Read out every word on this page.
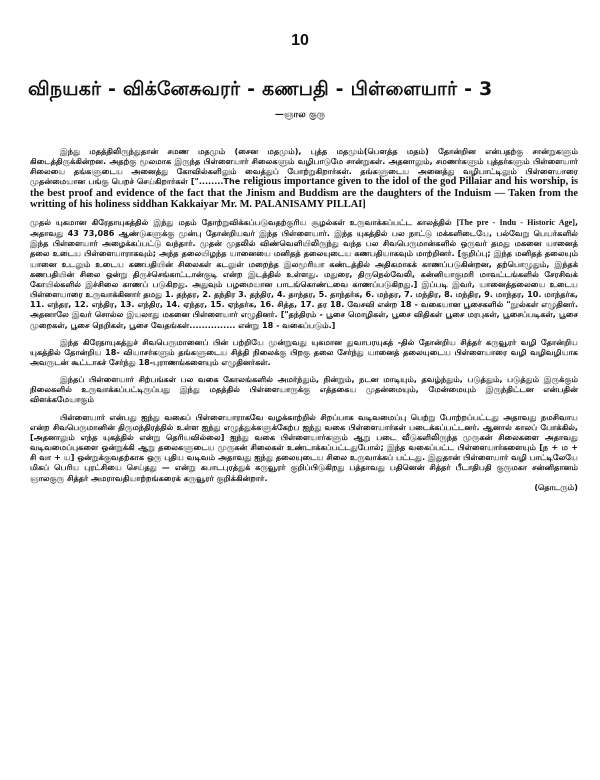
10
விநயகர் - விக்னேசுவரர் - கணபதி - பிள்ளையார் - 3
—ஞால குரு

இந்து மதத்திலிருந்துதான் சமண மதமும் (சைன மதமும்), புத்த மதமும்(பௌத்த மதம்) தோன்றின என்பதற்கு சான்றுகளும் கிடைத்திருக்கின்றன. அதற்கு மூலமாக இருந்த பிள்ளையார் சிலைகளும் வழிபாடுமே சான்றுகள். அதனாலும், சமணர்களும் புத்தர்களும் பிள்ளையார் சிலையை தங்களுடைய அனைத்து கோவில்களிலும் வைத்துப் போற்றுகிறார்கள். தங்களுடைய அனைத்து வழிபாட்டிலும் பிள்ளையாரை முதன்மையான பங்கு பெறச் செய்கிறார்கள் ["........The religious importance given to the idol of the god Pillaiar and his worship, is the best proof and evidence of the fact that the Jinism and Buddism are the daughters of the Induism — Taken from the writting of his holiness siddhan Kakkaiyar Mr. M. PALANISAMY PILLAI]

முதல் யுகமான கிரேதாயுகத்தில் இந்து மதம் தோற்றுவிக்கப்படுவதற்குரிய சூழல்கள் உருவாக்கப்பட்ட காலத்தில் [The pre - Indu - Historic Age], அதாவது 43 73,086 ஆண்டுகளுக்கு முன்பு தோன்றியவர் இந்த பிள்ளையார். இந்த யுகத்தில் பல நாட்டு மக்களிடையே, பல்வேறு பெயர்களில் இந்த பிள்ளையார் அழைக்கப்பட்டு வந்தார். முதன் முதலில் விண்வெளியிலிருந்து வந்த பல சிவபெருமான்களில் ஒருவர் தமது மகனை யானைத் தலை உடைய பிள்ளையாராகவும்; அந்த தலையிழந்த யானையை மனிதத் தலையுடைய கணபதியாகவும் மாற்றினர். [குறிப்பு; இந்த மனிதத் தலையும் யானை உடலும் உடைய கணபதியின் சிலைகள் கடலுள் மறைந்த இலமூரியா கண்டத்தில் அதிகமாகக் காணப்படுகின்றன, தற்பொழுதும், இந்தக் கணபதியின் சிலை ஒன்று திருச்செங்காட்டான்குடி என்ற இடத்தில் உள்ளது. மதுரை, திருநெல்வேலி, கன்னியாகுமரி மாவட்டங்களில் சேரசிவக் கோயில்களில் இச்சிலை காணப் படுகிறது. அதுவும் பழமையான பாடங்கொண்டவை காணப்படுகிறது.] இப்படி இவர், யானைத்தலையை உடைய பிள்ளையாரை உருவாக்கினார் தமது 1. தந்தர, 2. தந்திர 3. தந்திர, 4. தாந்தர, 5. தாந்தர்க, 6. மந்தர, 7. மந்திர, 8. மந்திர, 9. மாந்தர, 10. மாந்தர்க, 11. எந்தர, 12. எந்திர, 13. எந்திர, 14. ஏந்தர, 15. ஏந்தர்க, 16. சித்த, 17. தர 18. வேசவி என்ற 18 - வகையான பூசைகளில் "நூல்கள் எழுதினர். அதனாலே இவர் சொல்ல இயலாது மகனை பிள்ளையார் எழுதினர். ["தந்திரம் - பூசை மொழிகள், பூசை விதிகள் பூசை மரபுகள், பூசைப்படிகள், பூசை முறைகள், பூசை நெறிகள், பூசை வேதங்கள்............... என்று 18 - வகைப்படும்.]

இந்த கிரேதாயுகத்துச் சிவபெருமானைப் பின் பற்றியே முன்றுவது யுகமான துவாபரயுகத் -தில் தோன்றிய சித்தர் கருவூரர் வழி தோன்றிய யுகத்தில் தோன்றிய 18- வியாசர்களும் தங்களுடைய சித்தி நிலைக்கு பிறகு தலை சேர்ந்து யானைத் தலையுடைய பிள்ளையாரை வழி வழிவழியாக அவருடன் கூட்டாகச் சேர்ந்து 18-புராணங்களையும் எழுதினர்கள்.

இந்தப் பிள்ளையார் சிற்பங்கள் பல வகை கோலங்களில் அமர்ந்தும், நின்றும், நடன மாடியும், தவழ்ந்தும், படுத்தும், படுத்தும் இருக்கும் நிலைகளில் உருவாக்கப்பட்டிருப்பது இந்து மதத்தில் பிள்ளையாருக்கு எத்தகைய முதன்மையும், மேன்மையும் இருந்திட்டன என்பதின் விளக்கமேயாகும்

பிள்ளையார் என்பது ஐந்து வகைப் பிள்ளையாராகவே வழக்காற்றில் சிறப்பாக வடிவமைப்பு பெற்று போற்றப்பட்டது அதாவது நமசிவாய என்ற சிவபெருமானின் திருமந்திரத்தில் உள்ள ஐந்து எழுத்துக்களுக்கேற்ப ஐந்து வகை பிள்ளையார்கள் படைக்கப்பட்டனர். ஆனால் காலப் போக்கில், [அதனாலும் எந்த யுகத்தில் என்று தெரியவில்லை] ஐந்து வகை பிள்ளையார்களும் ஆறு படை வீடுகளிலிருந்த முருகன் சிலைகளை அதாவது வடிவமைப்புகளை ஒன்றுக்கி ஆறு தலைகளுடைய முருகன் சிலைகள் உண்டாக்கப்பட்டதுபோல்; இந்த வகைப்பட்ட பிள்ளையார்களையும் [ந + ம + சி வா + ய] ஒன்றுக்குவதற்காக ஒரு புதிய வடிவம் அதாவது ஐந்து தலையுடைய சிலை உருவாக்கப் பட்டது. இதுதான் பிள்ளையார் வழி பாட்டிலேயே மிகப் பெரிய புரட்சியை செய்தது — என்று கபாடபுரத்துக் கருவூரர் குறிப்பிடுகிறது பத்தாவது பதினென் சித்தர் பீடாதிபதி குருமகா சன்னிதானம் ஞாலகுரு சித்தர் அமராவதியாற்றங்கரைக் கருவூரர் குறிக்கின்றார்.
(தொடரும்)
